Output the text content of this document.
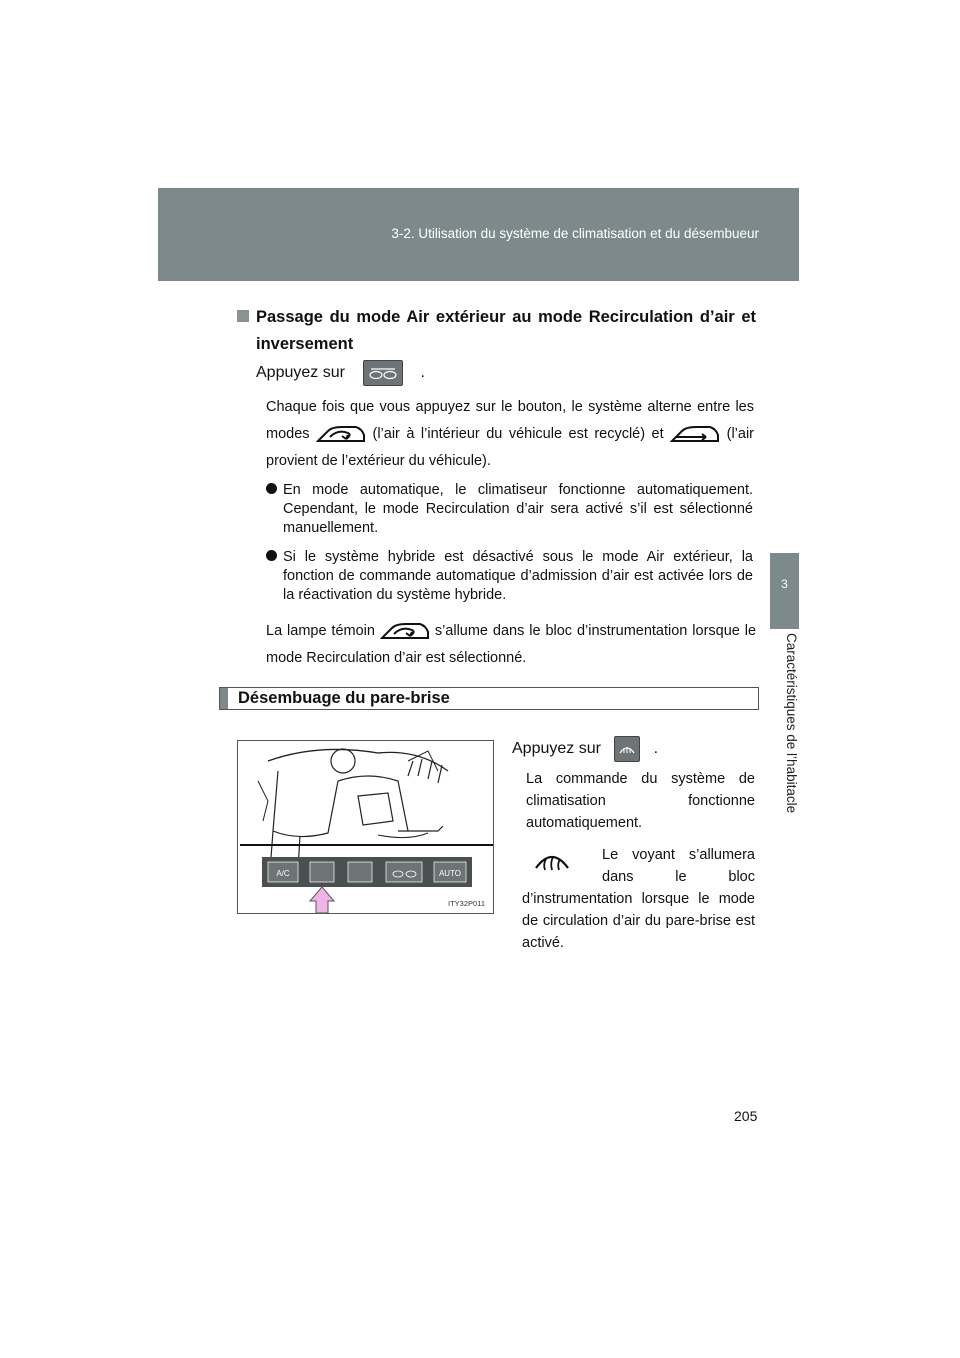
3-2. Utilisation du système de climatisation et du désembueur
3
Caractéristiques de l’habitacle
Passage du mode Air extérieur au mode Recirculation d’air et inversement
Appuyez sur	.
Chaque fois que vous appuyez sur le bouton, le système alterne entre les modes	(l’air à l’intérieur du véhicule est recyclé) et	(l’air provient de l’extérieur du véhicule).
En mode automatique, le climatiseur fonctionne automatiquement. Cependant, le mode Recirculation d’air sera activé s’il est sélectionné manuellement.
Si le système hybride est désactivé sous le mode Air extérieur, la fonction de commande automatique d’admission d’air est activée lors de la réactivation du système hybride.
La lampe témoin	s’allume dans le bloc d’instrumentation lorsque le mode Recirculation d’air est sélectionné.
Désembuage du pare-brise
A/C	AUTO
ITY32P011
Appuyez sur	.
La commande du système de climatisation fonctionne automatiquement.
Le voyant s’allumera dans le bloc d’instrumentation lorsque le mode de circulation d’air du pare-brise est activé.
205
